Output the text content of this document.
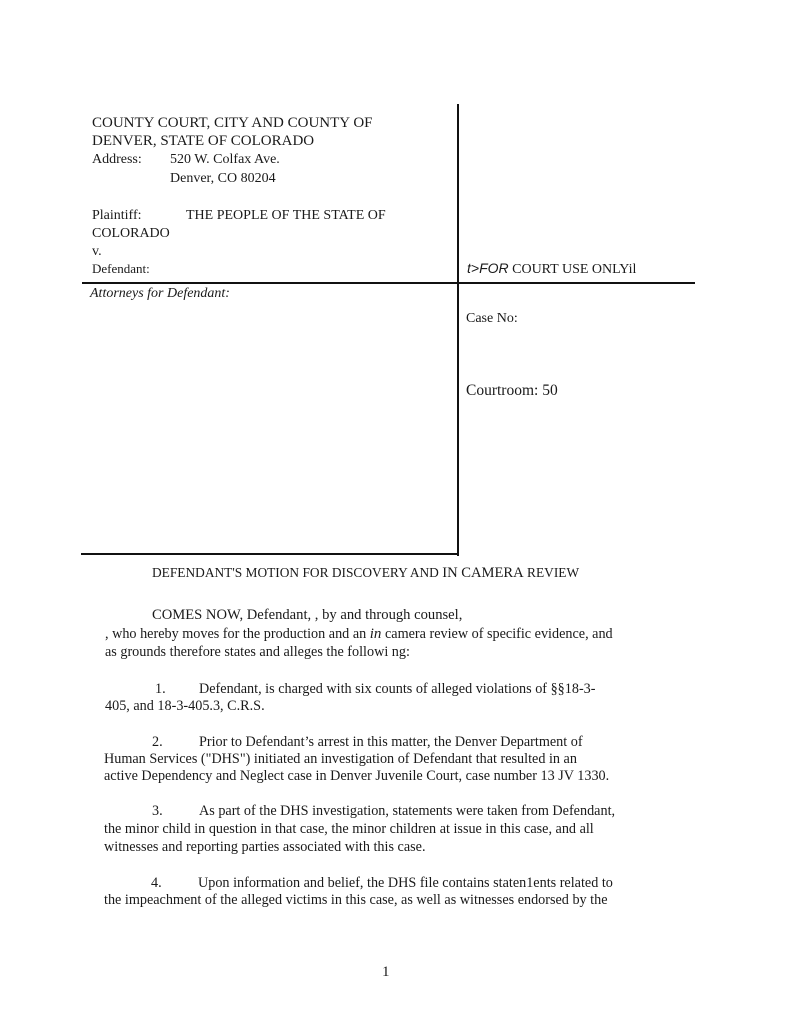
COUNTY COURT, CITY AND COUNTY OF
DENVER, STATE OF COLORADO
Address: 520 W. Colfax Ave.
Denver, CO 80204
Plaintiff:	THE PEOPLE OF THE STATE OF
COLORADO
v.
Defendant:
Attorneys for Defendant:
t>FOR COURT USE ONLYil
Case No:
Courtroom: 50
DEFENDANT'S MOTION FOR DISCOVERY AND IN CAMERA REVIEW
COMES NOW, Defendant, , by and through counsel,
, who hereby moves for the production and an in camera review of specific evidence, and
as grounds therefore states and alleges the followi ng:
1. Defendant, is charged with six counts of alleged violations of §§18-3-
405, and 18-3-405.3, C.R.S.
2.	Prior to Defendant’s arrest in this matter, the Denver Department of
Human Services ("DHS") initiated an investigation of Defendant that resulted in an
active Dependency and Neglect case in Denver Juvenile Court, case number 13 JV 1330.
3.	As part of the DHS investigation, statements were taken from Defendant,
the minor child in question in that case, the minor children at issue in this case, and all
witnesses and reporting parties associated with this case.
4.	Upon information and belief, the DHS file contains staten1ents related to
the impeachment of the alleged victims in this case, as well as witnesses endorsed by the
1
